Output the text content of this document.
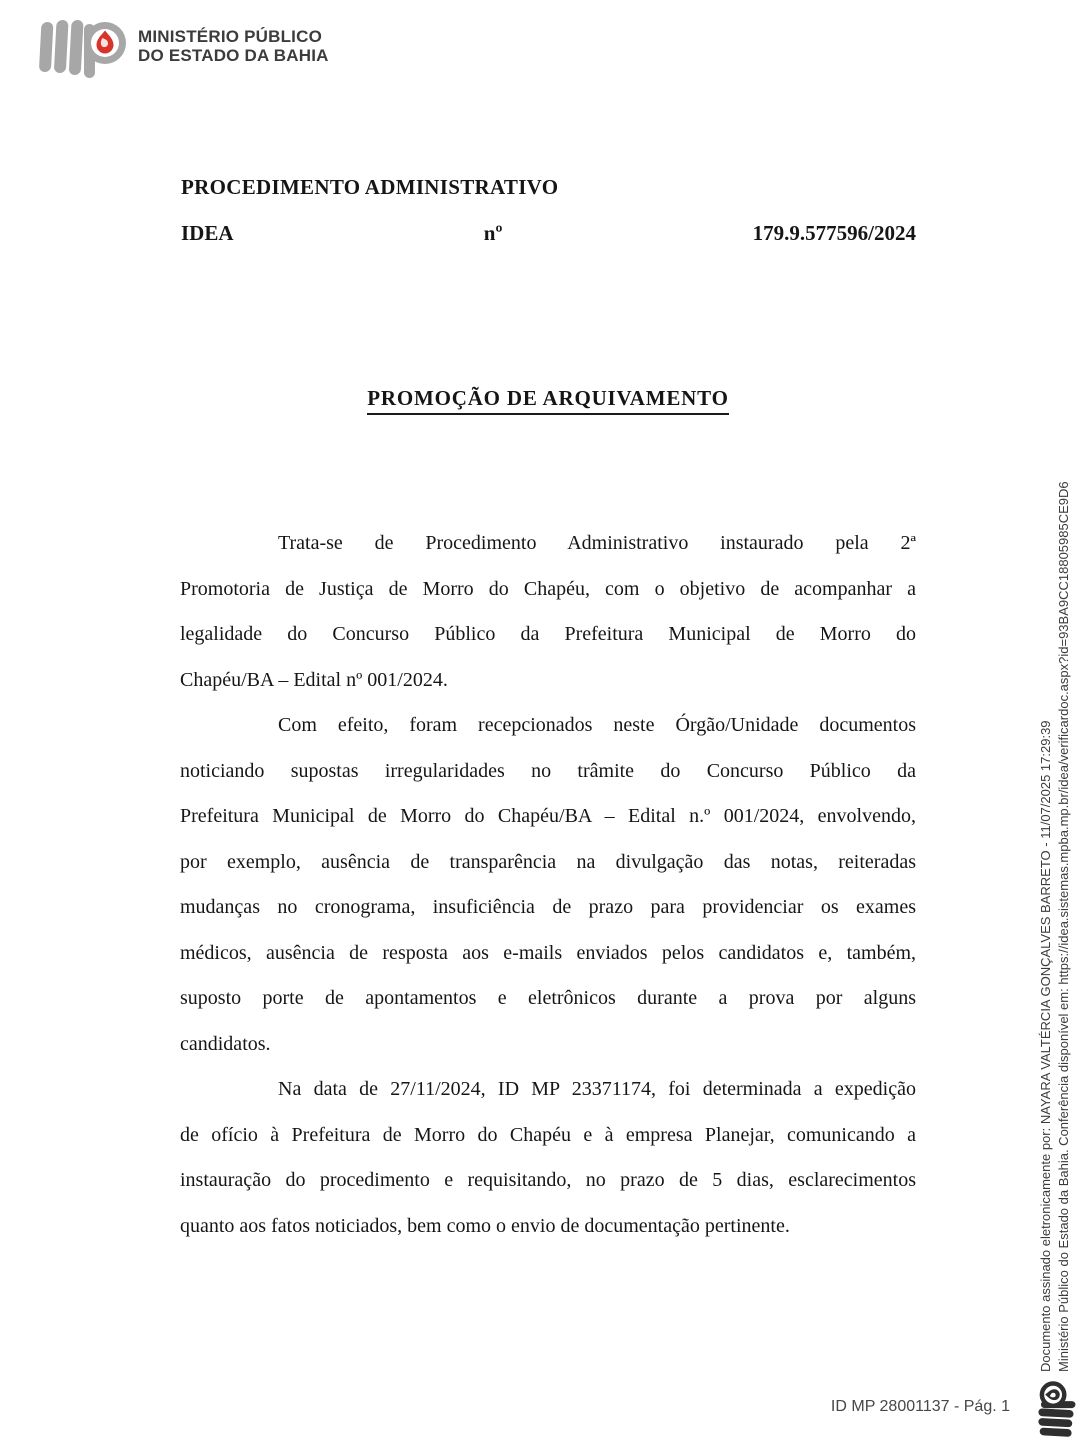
MINISTÉRIO PÚBLICO
DO ESTADO DA BAHIA
PROCEDIMENTO ADMINISTRATIVO
IDEA	nº	179.9.577596/2024
PROMOÇÃO DE ARQUIVAMENTO
Trata-se de Procedimento Administrativo instaurado pela 2ª
Promotoria de Justiça de Morro do Chapéu, com o objetivo de acompanhar a
legalidade do Concurso Público da Prefeitura Municipal de Morro do
Chapéu/BA – Edital nº 001/2024.
Com efeito, foram recepcionados neste Órgão/Unidade documentos
noticiando supostas irregularidades no trâmite do Concurso Público da
Prefeitura Municipal de Morro do Chapéu/BA – Edital n.º 001/2024, envolvendo,
por exemplo, ausência de transparência na divulgação das notas, reiteradas
mudanças no cronograma, insuficiência de prazo para providenciar os exames
médicos, ausência de resposta aos e-mails enviados pelos candidatos e, também,
suposto porte de apontamentos e eletrônicos durante a prova por alguns
candidatos.
Na data de 27/11/2024, ID MP 23371174, foi determinada a expedição
de ofício à Prefeitura de Morro do Chapéu e à empresa Planejar, comunicando a
instauração do procedimento e requisitando, no prazo de 5 dias, esclarecimentos
quanto aos fatos noticiados, bem como o envio de documentação pertinente.	Documento assinado eletronicamente por: NAYARA VALTÉRCIA GONÇALVES BARRETO - 11/07/2025 17:29:39 Ministério Público do Estado da Bahia. Conferência disponível em: https://idea.sistemas.mpba.mp.br/idea/verificardoc.aspx?id=93BA9CC18805985CE9D6
ID MP 28001137 - Pág. 1
